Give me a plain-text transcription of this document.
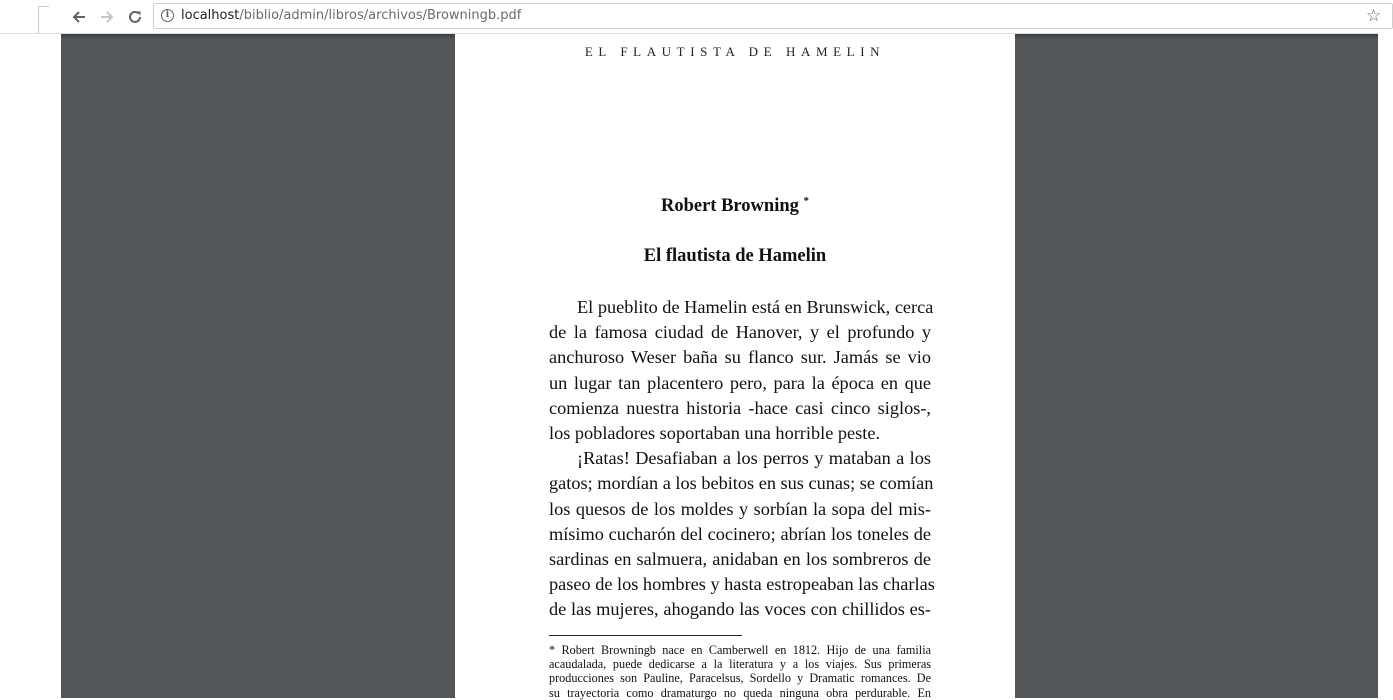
i localhost/biblio/admin/libros/archivos/Browningb.pdf	☆
EL FLAUTISTA DE HAMELIN
Robert Browning *
El flautista de Hamelin
El pueblito de Hamelin está en Brunswick, cerca
de la famosa ciudad de Hanover, y el profundo y
anchuroso Weser baña su flanco sur. Jamás se vio
un lugar tan placentero pero, para la época en que
comienza nuestra historia -hace casi cinco siglos-,
los pobladores soportaban una horrible peste.
¡Ratas! Desafiaban a los perros y mataban a los
gatos; mordían a los bebitos en sus cunas; se comían
los quesos de los moldes y sorbían la sopa del mis-
mísimo cucharón del cocinero; abrían los toneles de
sardinas en salmuera, anidaban en los sombreros de
paseo de los hombres y hasta estropeaban las charlas
de las mujeres, ahogando las voces con chillidos es-
* Robert Browningb nace en Camberwell en 1812. Hijo de una familia
acaudalada, puede dedicarse a la literatura y a los viajes. Sus primeras
producciones son Pauline, Paracelsus, Sordello y Dramatic romances. De
su trayectoria como dramaturgo no queda ninguna obra perdurable. En
